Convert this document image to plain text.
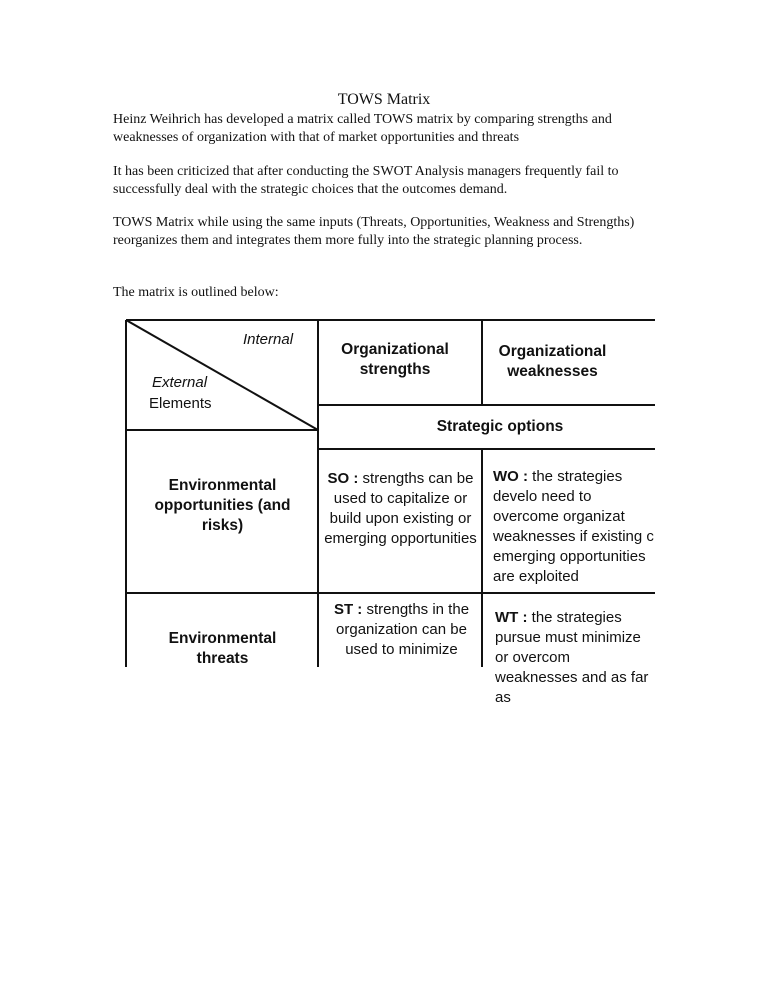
TOWS Matrix

Heinz Weihrich has developed a matrix called TOWS matrix by comparing strengths and weaknesses of organization with that of market opportunities and threats

It has been criticized that after conducting the SWOT Analysis managers frequently fail to successfully deal with the strategic choices that the outcomes demand.

TOWS Matrix while using the same inputs (Threats, Opportunities, Weakness and Strengths) reorganizes them and integrates them more fully into the strategic planning process.

The matrix is outlined below:

Internal
External
Elements

Organizational strengths

Organizational weaknesses

Strategic options

Environmental opportunities (and risks)

Environmental threats

SO : strengths can be used to capitalize or build upon existing or emerging opportunities

WO : the strategies develo need to overcome organizat weaknesses if existing c emerging opportunities are exploited

ST : strengths in the organization can be used to minimize

WT : the strategies pursue must minimize or overcom weaknesses and as far as
